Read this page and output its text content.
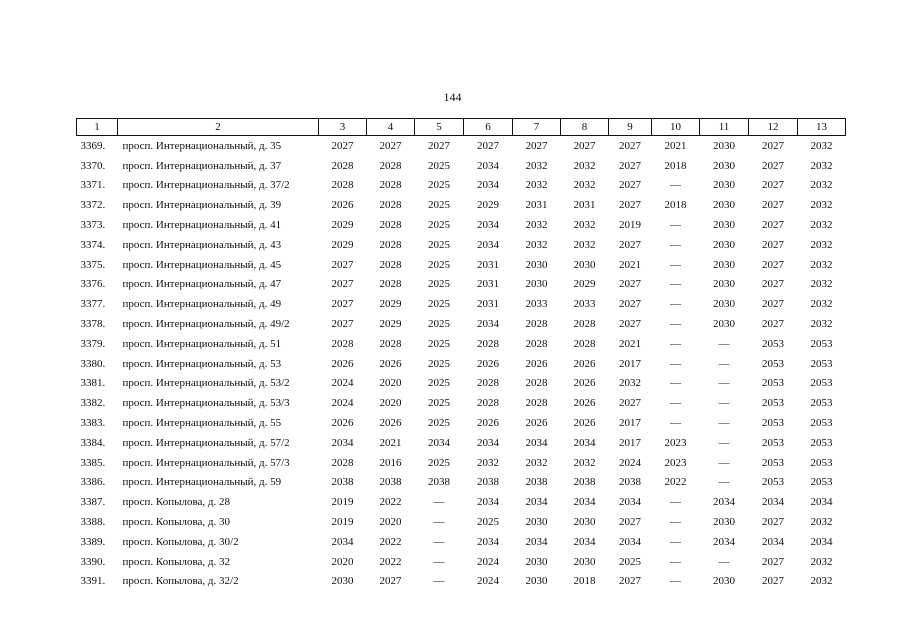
144
1	2	3	4	5	6	7	8	9	10	11	12	13
3369.	просп. Интернациональный, д. 35	2027	2027	2027	2027	2027	2027	2027	2021	2030	2027	2032
3370.	просп. Интернациональный, д. 37	2028	2028	2025	2034	2032	2032	2027	2018	2030	2027	2032
3371.	просп. Интернациональный, д. 37/2	2028	2028	2025	2034	2032	2032	2027	—	2030	2027	2032
3372.	просп. Интернациональный, д. 39	2026	2028	2025	2029	2031	2031	2027	2018	2030	2027	2032
3373.	просп. Интернациональный, д. 41	2029	2028	2025	2034	2032	2032	2019	—	2030	2027	2032
3374.	просп. Интернациональный, д. 43	2029	2028	2025	2034	2032	2032	2027	—	2030	2027	2032
3375.	просп. Интернациональный, д. 45	2027	2028	2025	2031	2030	2030	2021	—	2030	2027	2032
3376.	просп. Интернациональный, д. 47	2027	2028	2025	2031	2030	2029	2027	—	2030	2027	2032
3377.	просп. Интернациональный, д. 49	2027	2029	2025	2031	2033	2033	2027	—	2030	2027	2032
3378.	просп. Интернациональный, д. 49/2	2027	2029	2025	2034	2028	2028	2027	—	2030	2027	2032
3379.	просп. Интернациональный, д. 51	2028	2028	2025	2028	2028	2028	2021	—	—	2053	2053
3380.	просп. Интернациональный, д. 53	2026	2026	2025	2026	2026	2026	2017	—	—	2053	2053
3381.	просп. Интернациональный, д. 53/2	2024	2020	2025	2028	2028	2026	2032	—	—	2053	2053
3382.	просп. Интернациональный, д. 53/3	2024	2020	2025	2028	2028	2026	2027	—	—	2053	2053
3383.	просп. Интернациональный, д. 55	2026	2026	2025	2026	2026	2026	2017	—	—	2053	2053
3384.	просп. Интернациональный, д. 57/2	2034	2021	2034	2034	2034	2034	2017	2023	—	2053	2053
3385.	просп. Интернациональный, д. 57/3	2028	2016	2025	2032	2032	2032	2024	2023	—	2053	2053
3386.	просп. Интернациональный, д. 59	2038	2038	2038	2038	2038	2038	2038	2022	—	2053	2053
3387.	просп. Копылова, д. 28	2019	2022	—	2034	2034	2034	2034	—	2034	2034	2034
3388.	просп. Копылова, д. 30	2019	2020	—	2025	2030	2030	2027	—	2030	2027	2032
3389.	просп. Копылова, д. 30/2	2034	2022	—	2034	2034	2034	2034	—	2034	2034	2034
3390.	просп. Копылова, д. 32	2020	2022	—	2024	2030	2030	2025	—	—	2027	2032
3391.	просп. Копылова, д. 32/2	2030	2027	—	2024	2030	2018	2027	—	2030	2027	2032
